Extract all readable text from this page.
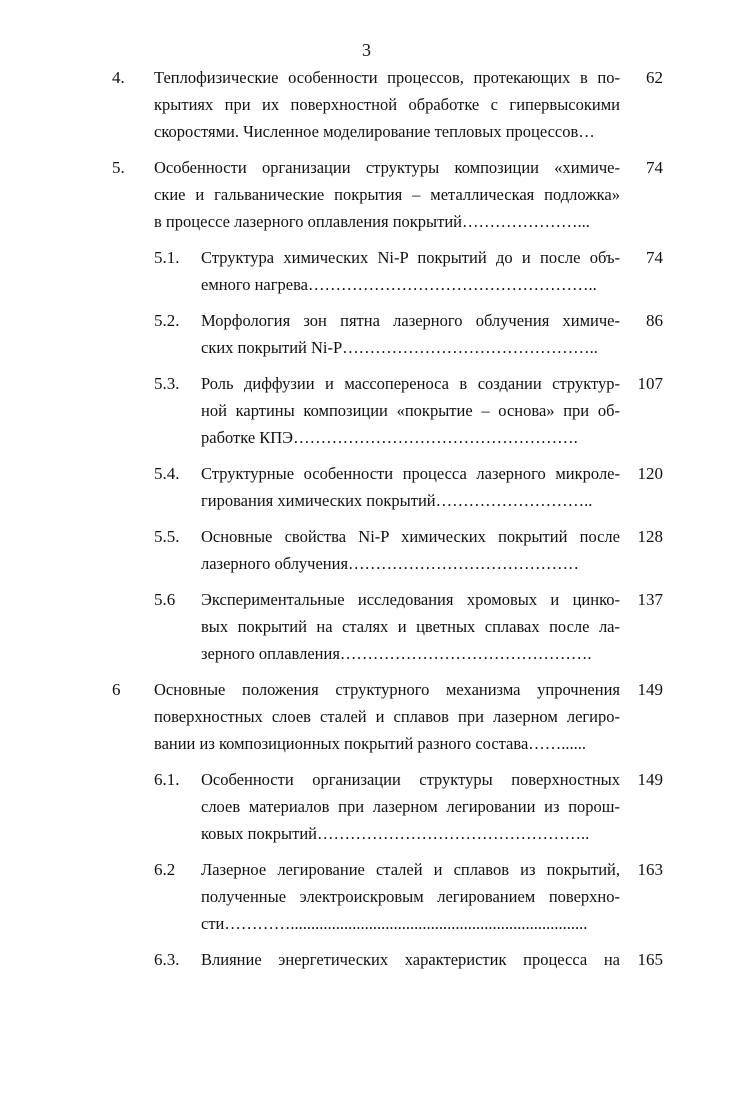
3
4. Теплофизические особенности процессов, протекающих в по-

крытиях при их поверхностной обработке с гипервысокими

скоростями. Численное моделирование тепловых процессов…

62
5. Особенности организации структуры композиции «химиче-

ские и гальванические покрытия – металлическая подложка»

в процессе лазерного оплавления покрытий…………………...

74
5.1. Структура химических Ni-P покрытий до и после объ-

емного нагрева……………………………………………..

74
5.2. Морфология зон пятна лазерного облучения химиче-

ских покрытий Ni-P………………………………………..

86
5.3. Роль диффузии и массопереноса в создании структур-

ной картины композиции «покрытие – основа» при об-

работке КПЭ…………………………………………….

107
5.4. Структурные особенности процесса лазерного микроле-

гирования химических покрытий………………………..

120
5.5. Основные свойства Ni-P химических покрытий после

лазерного облучения……………………………………

128
5.6 Экспериментальные исследования хромовых и цинко-

вых покрытий на сталях и цветных сплавах после ла-

зерного оплавления……………………………………….

137
6 Основные положения структурного механизма упрочнения

поверхностных слоев сталей и сплавов при лазерном легиро-

вании из композиционных покрытий разного состава……......

149
6.1. Особенности организации структуры поверхностных

слоев материалов при лазерном легировании из порош-

ковых покрытий…………………………………………..

149
6.2 Лазерное легирование сталей и сплавов из покрытий,

полученные электроискровым легированием поверхно-

сти…………........................................................................

163
6.3. Влияние энергетических характеристик процесса на 165
